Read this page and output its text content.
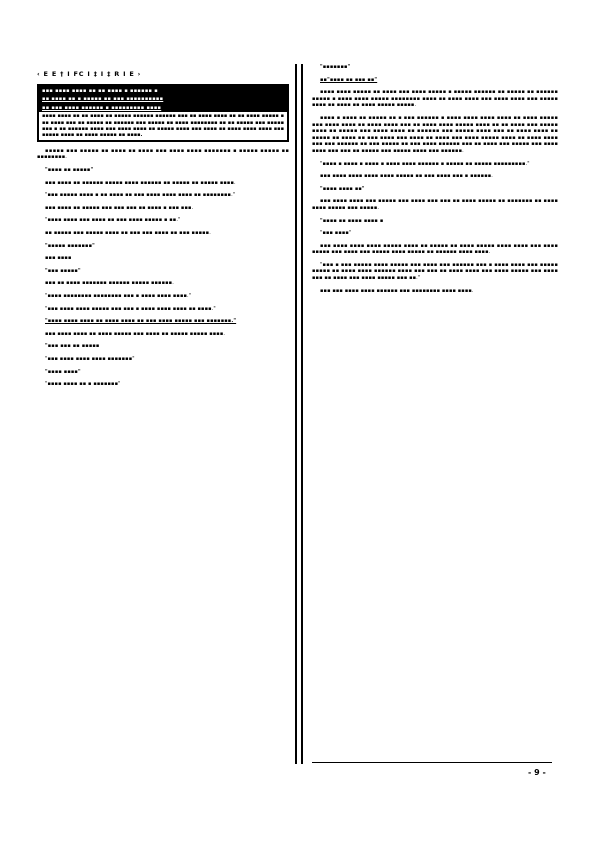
‹ E E † I FC I ‡ I ‡ R I E ›
▪▪▪ ▪▪▪▪ ▪▪▪▪ ▪▪ ▪▪ ▪▪▪▪ ▪ ▪▪▪▪▪▪ ▪
▪▪ ▪▪▪▪ ▪▪ ▪ ▪▪▪▪▪ ▪▪ ▪▪▪ ▪▪▪▪▪▪▪▪▪▪
▪▪ ▪▪▪ ▪▪▪▪ ▪▪▪▪▪▪ ▪ ▪▪▪▪▪▪▪▪▪ ▪▪▪▪
▪▪▪▪ ▪▪▪▪ ▪▪ ▪▪ ▪▪▪▪ ▪▪ ▪▪▪▪▪ ▪▪▪▪▪▪ ▪▪▪▪▪▪ ▪▪▪ ▪▪ ▪▪▪▪ ▪▪▪▪ ▪▪ ▪▪ ▪▪▪▪ ▪▪▪▪▪ ▪ ▪▪ ▪▪▪▪ ▪▪▪ ▪▪ ▪▪▪▪▪ ▪▪ ▪▪▪▪▪▪ ▪▪▪ ▪▪▪▪▪ ▪▪ ▪▪▪▪ ▪▪▪▪▪▪▪▪ ▪▪ ▪▪ ▪▪▪▪▪ ▪▪▪ ▪▪▪▪▪ ▪▪▪ ▪ ▪▪ ▪▪▪▪▪▪ ▪▪▪▪ ▪▪▪ ▪▪▪▪ ▪▪▪▪ ▪▪ ▪▪▪▪▪ ▪▪▪▪ ▪▪▪ ▪▪▪▪ ▪▪ ▪▪▪▪ ▪▪▪▪ ▪▪▪▪ ▪▪▪ ▪▪▪▪▪ ▪▪▪▪ ▪▪ ▪▪▪▪ ▪▪▪▪▪ ▪▪ ▪▪▪▪.

▪▪▪▪▪ ▪▪▪ ▪▪▪▪▪ ▪▪ ▪▪▪▪ ▪▪ ▪▪▪▪ ▪▪▪ ▪▪▪▪ ▪▪▪▪ ▪▪▪▪▪▪▪ ▪ ▪▪▪▪▪ ▪▪▪▪▪ ▪▪ ▪▪▪▪▪▪▪▪.

"▪▪▪▪ ▪▪ ▪▪▪▪▪"

▪▪▪ ▪▪▪▪ ▪▪ ▪▪▪▪▪▪ ▪▪▪▪▪ ▪▪▪▪ ▪▪▪▪▪▪ ▪▪ ▪▪▪▪▪ ▪▪ ▪▪▪▪▪ ▪▪▪▪.

"▪▪▪ ▪▪▪▪▪ ▪▪▪▪ ▪ ▪▪ ▪▪▪▪ ▪▪ ▪▪▪ ▪▪▪▪ ▪▪▪▪ ▪▪▪▪ ▪▪ ▪▪▪▪▪▪▪▪."

▪▪▪ ▪▪▪▪ ▪▪ ▪▪▪▪▪ ▪▪▪ ▪▪▪ ▪▪▪ ▪▪ ▪▪▪▪ ▪ ▪▪▪ ▪▪▪.

"▪▪▪▪ ▪▪▪▪ ▪▪▪ ▪▪▪▪ ▪▪ ▪▪▪ ▪▪▪▪ ▪▪▪▪▪ ▪ ▪▪."

▪▪ ▪▪▪▪▪ ▪▪▪ ▪▪▪▪▪ ▪▪▪▪ ▪▪ ▪▪▪ ▪▪▪ ▪▪▪▪ ▪▪ ▪▪▪ ▪▪▪▪▪.

"▪▪▪▪▪ ▪▪▪▪▪▪▪"

▪▪▪ ▪▪▪▪

"▪▪▪ ▪▪▪▪▪"

▪▪▪ ▪▪ ▪▪▪▪ ▪▪▪▪▪▪▪ ▪▪▪▪▪▪ ▪▪▪▪▪ ▪▪▪▪▪▪.

"▪▪▪▪ ▪▪▪▪▪▪▪▪ ▪▪▪▪▪▪▪▪ ▪▪▪ ▪ ▪▪▪▪ ▪▪▪▪ ▪▪▪▪."

"▪▪▪ ▪▪▪▪ ▪▪▪▪ ▪▪▪▪▪ ▪▪▪ ▪▪▪ ▪ ▪▪▪▪ ▪▪▪▪ ▪▪▪▪ ▪▪ ▪▪▪▪."

"▪▪▪▪ ▪▪▪▪ ▪▪▪▪ ▪▪ ▪▪▪▪ ▪▪▪▪ ▪▪ ▪▪▪ ▪▪▪▪ ▪▪▪▪▪ ▪▪▪ ▪▪▪▪▪▪▪."

▪▪▪ ▪▪▪▪ ▪▪▪▪ ▪▪ ▪▪▪▪ ▪▪▪▪▪ ▪▪▪ ▪▪▪▪ ▪▪ ▪▪▪▪▪ ▪▪▪▪▪ ▪▪▪▪.

"▪▪▪ ▪▪▪ ▪▪ ▪▪▪▪▪

"▪▪▪ ▪▪▪▪ ▪▪▪▪ ▪▪▪▪ ▪▪▪▪▪▪▪"

"▪▪▪▪ ▪▪▪▪"

"▪▪▪▪ ▪▪▪▪ ▪▪ ▪ ▪▪▪▪▪▪▪"

"▪▪▪▪▪▪▪"

▪▪"▪▪▪▪ ▪▪ ▪▪▪ ▪▪"

▪▪▪▪ ▪▪▪▪ ▪▪▪▪▪ ▪▪ ▪▪▪▪ ▪▪▪ ▪▪▪▪ ▪▪▪▪▪ ▪ ▪▪▪▪▪ ▪▪▪▪▪▪ ▪▪ ▪▪▪▪▪ ▪▪ ▪▪▪▪▪▪ ▪▪▪▪▪ ▪ ▪▪▪▪ ▪▪▪▪ ▪▪▪▪▪ ▪▪▪▪▪▪▪▪ ▪▪▪▪ ▪▪ ▪▪▪▪ ▪▪▪▪ ▪▪▪ ▪▪▪▪ ▪▪▪▪ ▪▪▪ ▪▪▪▪▪ ▪▪▪▪ ▪▪ ▪▪▪▪ ▪▪ ▪▪▪▪ ▪▪▪▪▪ ▪▪▪▪▪.

▪▪▪▪ ▪ ▪▪▪▪ ▪▪ ▪▪▪▪▪ ▪▪ ▪ ▪▪▪ ▪▪▪▪▪▪ ▪ ▪▪▪▪ ▪▪▪▪ ▪▪▪▪ ▪▪▪▪ ▪▪ ▪▪▪▪ ▪▪▪▪▪ ▪▪▪ ▪▪▪▪ ▪▪▪▪ ▪▪ ▪▪▪▪ ▪▪▪▪ ▪▪▪ ▪▪ ▪▪▪▪ ▪▪▪▪ ▪▪▪▪▪ ▪▪▪▪ ▪▪ ▪▪ ▪▪▪▪ ▪▪▪ ▪▪▪▪▪ ▪▪▪▪ ▪▪ ▪▪▪▪▪ ▪▪▪ ▪▪▪▪ ▪▪▪▪ ▪▪ ▪▪▪▪▪▪ ▪▪▪ ▪▪▪▪▪ ▪▪▪▪ ▪▪▪ ▪▪ ▪▪▪▪ ▪▪▪▪ ▪▪ ▪▪▪▪▪ ▪▪ ▪▪▪▪ ▪▪ ▪▪▪ ▪▪▪▪ ▪▪▪ ▪▪▪▪ ▪▪ ▪▪▪▪ ▪▪▪ ▪▪▪▪ ▪▪▪▪▪ ▪▪▪▪ ▪▪ ▪▪▪▪ ▪▪▪▪ ▪▪▪ ▪▪▪ ▪▪▪▪▪▪ ▪▪ ▪▪▪ ▪▪▪▪▪ ▪▪ ▪▪▪ ▪▪▪▪ ▪▪▪▪▪▪ ▪▪▪ ▪▪ ▪▪▪▪ ▪▪▪ ▪▪▪▪▪ ▪▪▪ ▪▪▪▪ ▪▪▪▪ ▪▪▪ ▪▪▪ ▪▪ ▪▪▪▪▪ ▪▪▪ ▪▪▪▪▪ ▪▪▪▪ ▪▪▪ ▪▪▪▪▪▪.

"▪▪▪▪ ▪ ▪▪▪▪ ▪ ▪▪▪▪ ▪ ▪▪▪▪ ▪▪▪▪ ▪▪▪▪▪▪ ▪ ▪▪▪▪▪ ▪▪ ▪▪▪▪▪ ▪▪▪▪▪▪▪▪▪."

▪▪▪ ▪▪▪▪ ▪▪▪▪ ▪▪▪▪ ▪▪▪▪ ▪▪▪▪▪ ▪▪ ▪▪▪ ▪▪▪▪ ▪▪▪ ▪ ▪▪▪▪▪▪.

"▪▪▪▪ ▪▪▪▪ ▪▪"

▪▪▪ ▪▪▪▪ ▪▪▪▪ ▪▪▪ ▪▪▪▪▪ ▪▪▪ ▪▪▪▪ ▪▪▪ ▪▪▪ ▪▪ ▪▪▪▪ ▪▪▪▪▪ ▪▪ ▪▪▪▪▪▪▪ ▪▪ ▪▪▪▪ ▪▪▪▪ ▪▪▪▪▪ ▪▪▪ ▪▪▪▪▪.

"▪▪▪▪ ▪▪ ▪▪▪▪ ▪▪▪▪ ▪

"▪▪▪ ▪▪▪▪"

▪▪▪ ▪▪▪▪ ▪▪▪▪ ▪▪▪▪ ▪▪▪▪▪ ▪▪▪▪ ▪▪ ▪▪▪▪▪ ▪▪ ▪▪▪▪ ▪▪▪▪▪ ▪▪▪▪ ▪▪▪▪ ▪▪▪ ▪▪▪▪ ▪▪▪▪▪ ▪▪▪ ▪▪▪▪ ▪▪▪ ▪▪▪▪▪ ▪▪▪▪ ▪▪▪▪▪ ▪▪ ▪▪▪▪▪▪ ▪▪▪▪ ▪▪▪▪.

"▪▪▪ ▪ ▪▪▪ ▪▪▪▪▪ ▪▪▪▪ ▪▪▪▪▪ ▪▪▪ ▪▪▪▪ ▪▪▪ ▪▪▪▪▪▪ ▪▪▪ ▪ ▪▪▪▪ ▪▪▪▪ ▪▪▪ ▪▪▪▪▪ ▪▪▪▪▪ ▪▪ ▪▪▪▪ ▪▪▪▪ ▪▪▪▪▪▪ ▪▪▪▪ ▪▪▪ ▪▪▪ ▪▪ ▪▪▪▪ ▪▪▪▪ ▪▪▪ ▪▪▪▪ ▪▪▪▪▪ ▪▪▪ ▪▪▪▪ ▪▪▪ ▪▪ ▪▪▪▪ ▪▪▪ ▪▪▪▪ ▪▪▪▪▪ ▪▪▪ ▪▪."

▪▪▪ ▪▪▪ ▪▪▪▪ ▪▪▪▪ ▪▪▪▪▪▪ ▪▪▪ ▪▪▪▪▪▪▪▪ ▪▪▪▪ ▪▪▪▪.

- 9 -
